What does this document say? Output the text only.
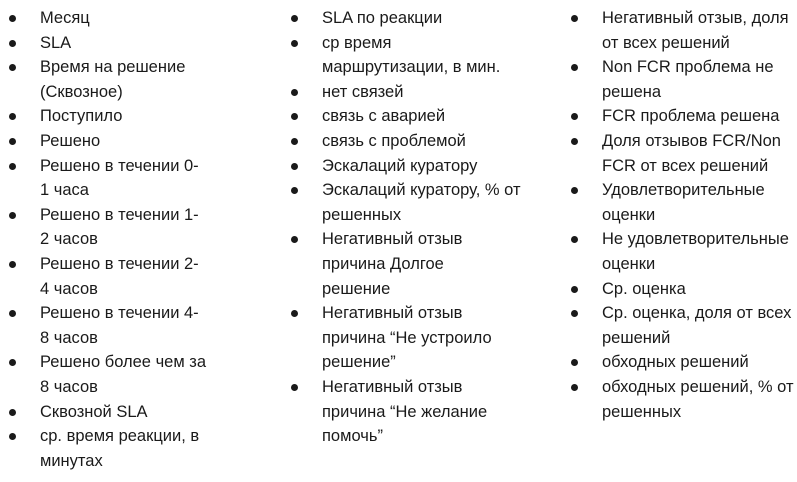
Месяц
SLA
Время на решение (Сквозное)
Поступило
Решено
Решено в течении 0-1 часа
Решено в течении 1-2 часов
Решено в течении 2-4 часов
Решено в течении 4-8 часов
Решено более чем за 8 часов
Сквозной SLA
ср. время реакции, в минутах
SLA по реакции
ср время маршрутизации, в мин.
нет связей
связь с аварией
связь с проблемой
Эскалаций куратору
Эскалаций куратору, % от решенных
Негативный отзыв причина Долгое решение
Негативный отзыв причина “Не устроило решение”
Негативный отзыв причина “Не желание помочь”
Негативный отзыв, доля от всех решений
Non FCR проблема не решена
FCR проблема решена
Доля отзывов FCR/Non FCR от всех решений
Удовлетворительные оценки
Не удовлетворительные оценки
Ср. оценка
Ср. оценка, доля от всех решений
обходных решений
обходных решений, % от решенных
